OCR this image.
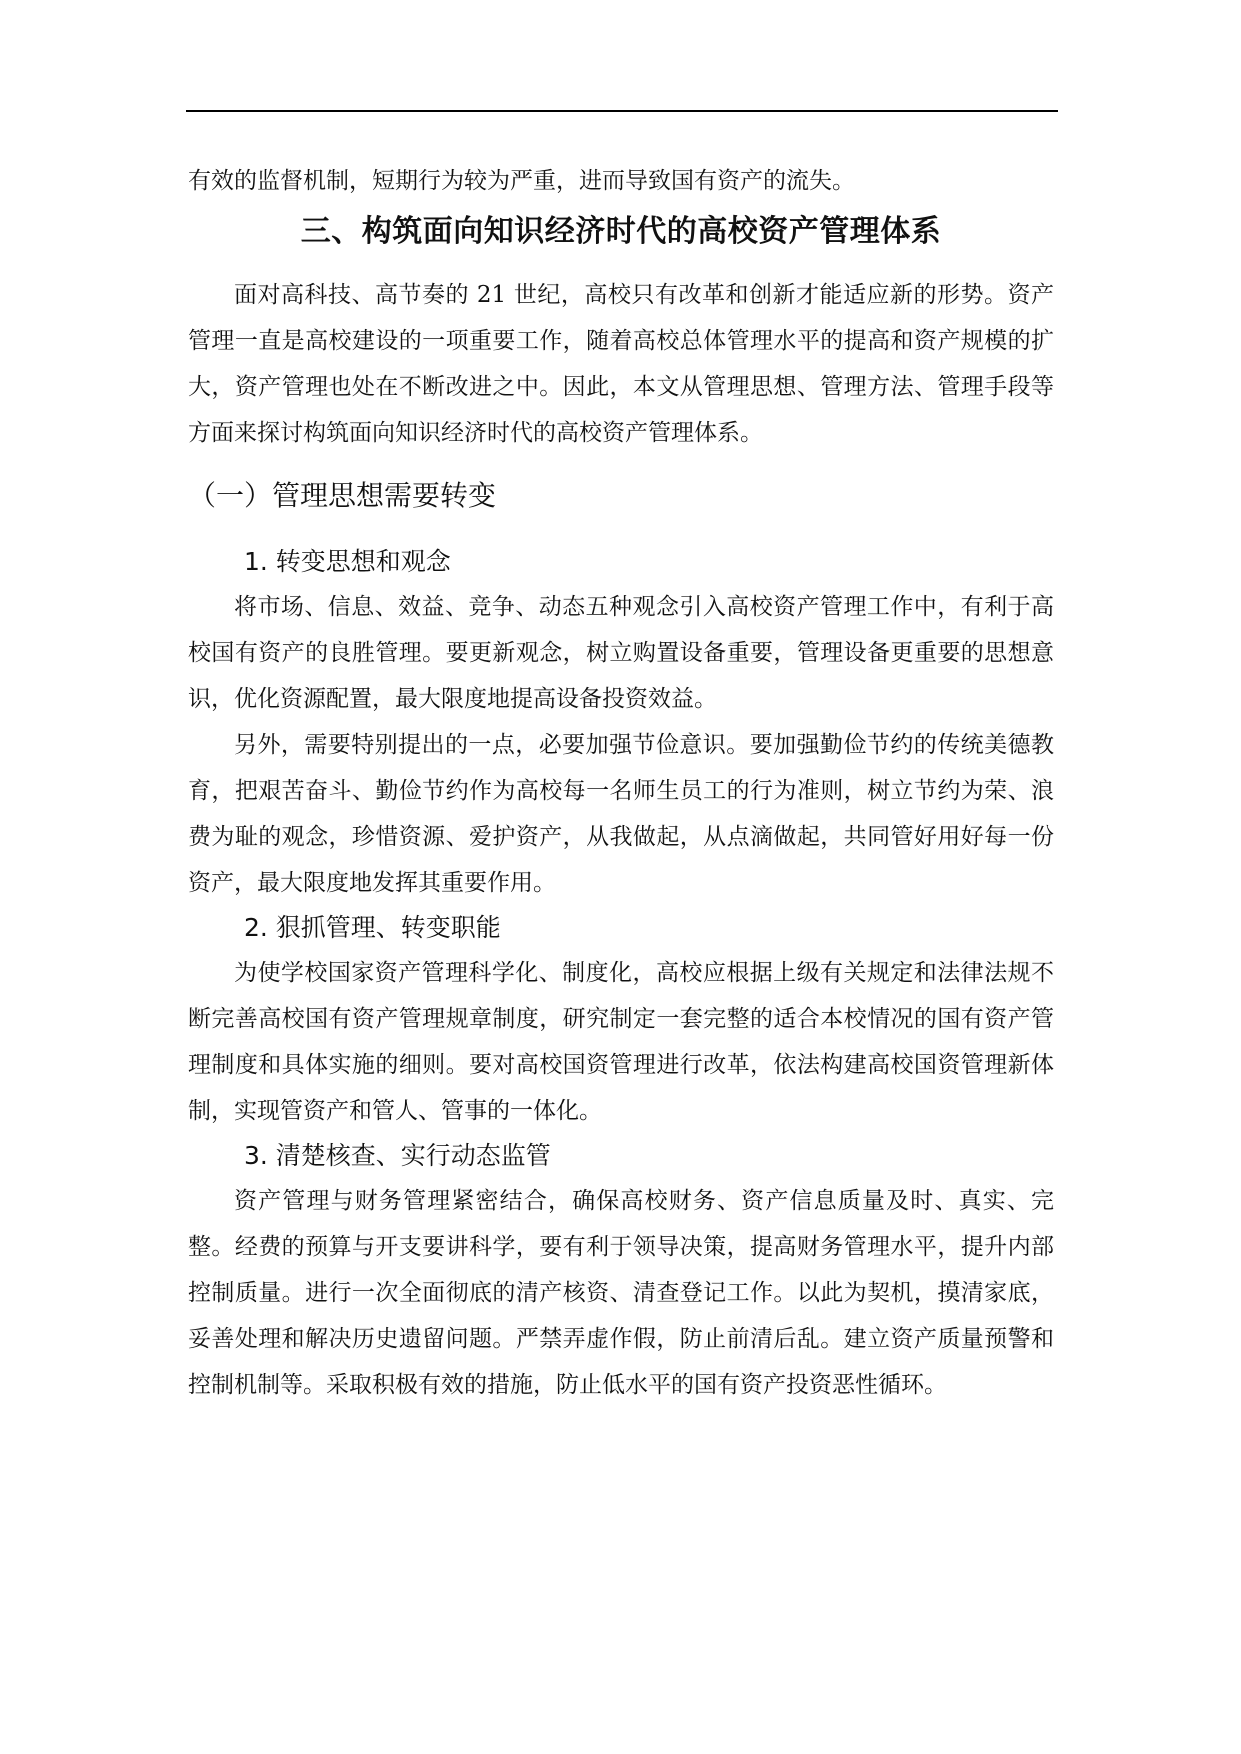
有效的监督机制，短期行为较为严重，进而导致国有资产的流失。

三、构筑面向知识经济时代的高校资产管理体系

面对高科技、高节奏的 21 世纪，高校只有改革和创新才能适应新的形势。资产管理一直是高校建设的一项重要工作，随着高校总体管理水平的提高和资产规模的扩大，资产管理也处在不断改进之中。因此，本文从管理思想、管理方法、管理手段等方面来探讨构筑面向知识经济时代的高校资产管理体系。

（一）管理思想需要转变
1. 转变思想和观念

将市场、信息、效益、竞争、动态五种观念引入高校资产管理工作中，有利于高校国有资产的良胜管理。要更新观念，树立购置设备重要，管理设备更重要的思想意识，优化资源配置，最大限度地提高设备投资效益。

另外，需要特别提出的一点，必要加强节俭意识。要加强勤俭节约的传统美德教育，把艰苦奋斗、勤俭节约作为高校每一名师生员工的行为准则，树立节约为荣、浪费为耻的观念，珍惜资源、爱护资产，从我做起，从点滴做起，共同管好用好每一份资产，最大限度地发挥其重要作用。

2. 狠抓管理、转变职能

为使学校国家资产管理科学化、制度化，高校应根据上级有关规定和法律法规不断完善高校国有资产管理规章制度，研究制定一套完整的适合本校情况的国有资产管理制度和具体实施的细则。要对高校国资管理进行改革，依法构建高校国资管理新体制，实现管资产和管人、管事的一体化。

3. 清楚核查、实行动态监管

资产管理与财务管理紧密结合，确保高校财务、资产信息质量及时、真实、完整。经费的预算与开支要讲科学，要有利于领导决策，提高财务管理水平，提升内部控制质量。进行一次全面彻底的清产核资、清查登记工作。以此为契机，摸清家底，妥善处理和解决历史遗留问题。严禁弄虚作假，防止前清后乱。建立资产质量预警和控制机制等。采取积极有效的措施，防止低水平的国有资产投资恶性循环。
